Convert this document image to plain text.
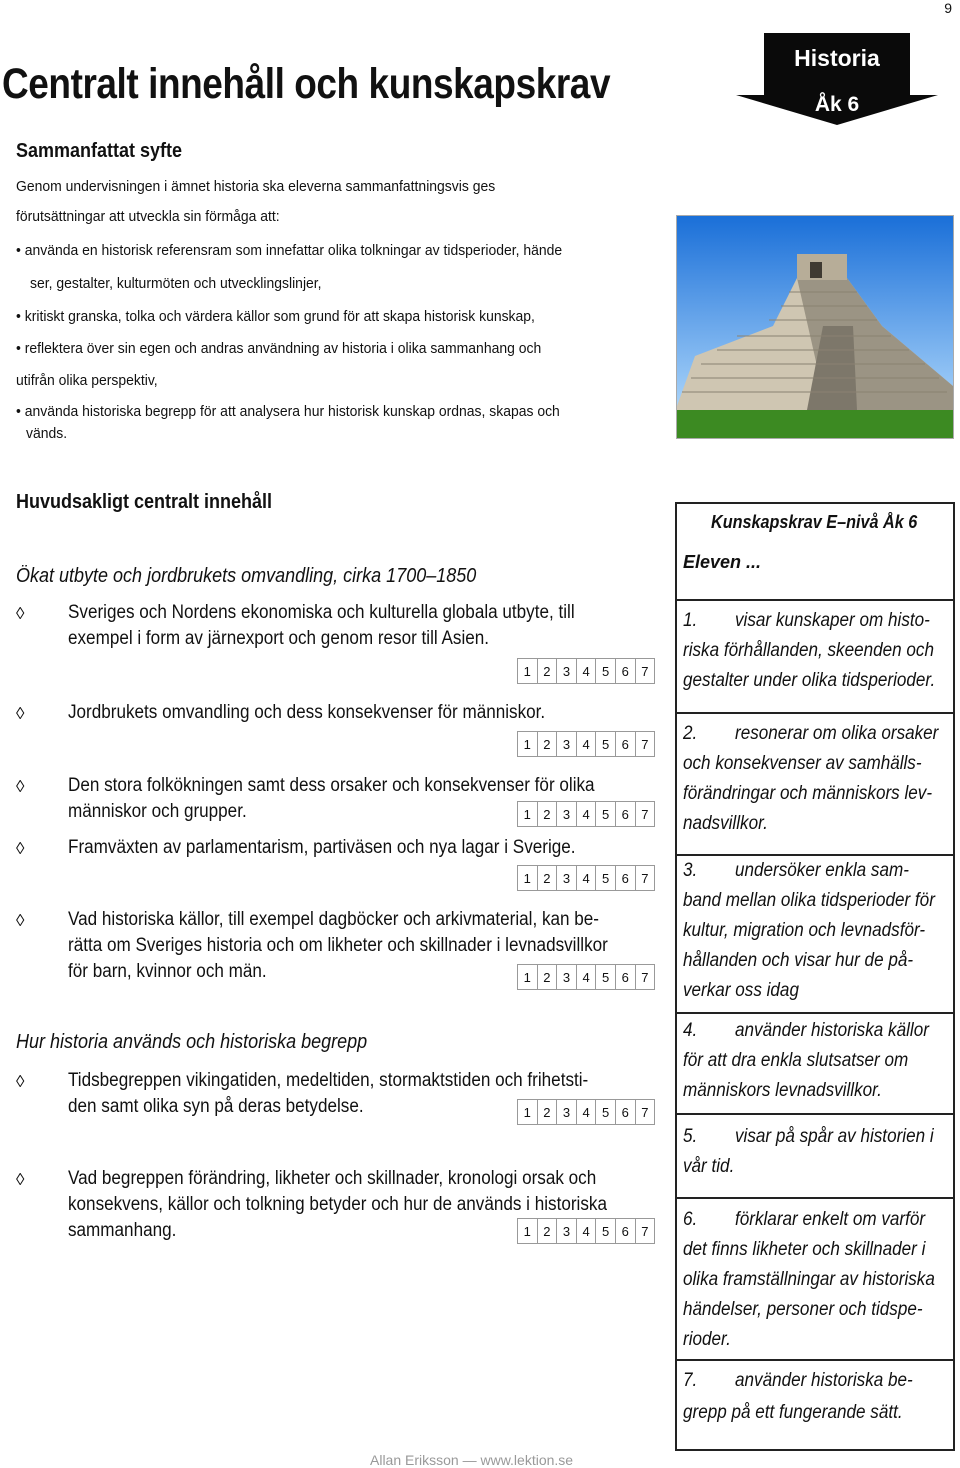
9
Centralt innehåll och kunskapskrav
Historia
Åk 6
Sammanfattat syfte
Genom undervisningen i ämnet historia ska eleverna sammanfattningsvis ges
förutsättningar att utveckla sin förmåga att:
• använda en historisk referensram som innefattar olika tolkningar av tidsperioder, hände
ser, gestalter, kulturmöten och utvecklingslinjer,
• kritiskt granska, tolka och värdera källor som grund för att skapa historisk kunskap,
• reflektera över sin egen och andras användning av historia i olika sammanhang och
utifrån olika perspektiv,
• använda historiska begrepp för att analysera hur historisk kunskap ordnas, skapas och
vänds.
Huvudsakligt centralt innehåll
Ökat utbyte och jordbrukets omvandling, cirka 1700–1850
◊ Sveriges och Nordens ekonomiska och kulturella globala utbyte, till
exempel i form av järnexport och genom resor till Asien.
1 2 3 4 5 6 7
◊ Jordbrukets omvandling och dess konsekvenser för människor.
1 2 3 4 5 6 7
◊ Den stora folkökningen samt dess orsaker och konsekvenser för olika
människor och grupper.	1 2 3 4 5 6 7
◊ Framväxten av parlamentarism, partiväsen och nya lagar i Sverige.
1 2 3 4 5 6 7
◊ Vad historiska källor, till exempel dagböcker och arkivmaterial, kan be-
rätta om Sveriges historia och om likheter och skillnader i levnadsvillkor
för barn, kvinnor och män.	1 2 3 4 5 6 7
Hur historia används och historiska begrepp
◊ Tidsbegreppen vikingatiden, medeltiden, stormaktstiden och frihetsti-
den samt olika syn på deras betydelse.	1 2 3 4 5 6 7
◊ Vad begreppen förändring, likheter och skillnader, kronologi orsak och
konsekvens, källor och tolkning betyder och hur de används i historiska
sammanhang.	1 2 3 4 5 6 7
Kunskapskrav E–nivå Åk 6
Eleven ...
1. visar kunskaper om histo-
riska förhållanden, skeenden och
gestalter under olika tidsperioder.
2. resonerar om olika orsaker
och konsekvenser av samhälls-
förändringar och människors lev-
nadsvillkor.
3. undersöker enkla sam-
band mellan olika tidsperioder för
kultur, migration och levnadsför-
hållanden och visar hur de på-
verkar oss idag
4. använder historiska källor
för att dra enkla slutsatser om
människors levnadsvillkor.
5. visar på spår av historien i
vår tid.
6. förklarar enkelt om varför
det finns likheter och skillnader i
olika framställningar av historiska
händelser, personer och tidspe-
rioder.
7. använder historiska be-
grepp på ett fungerande sätt.
Allan Eriksson — www.lektion.se
